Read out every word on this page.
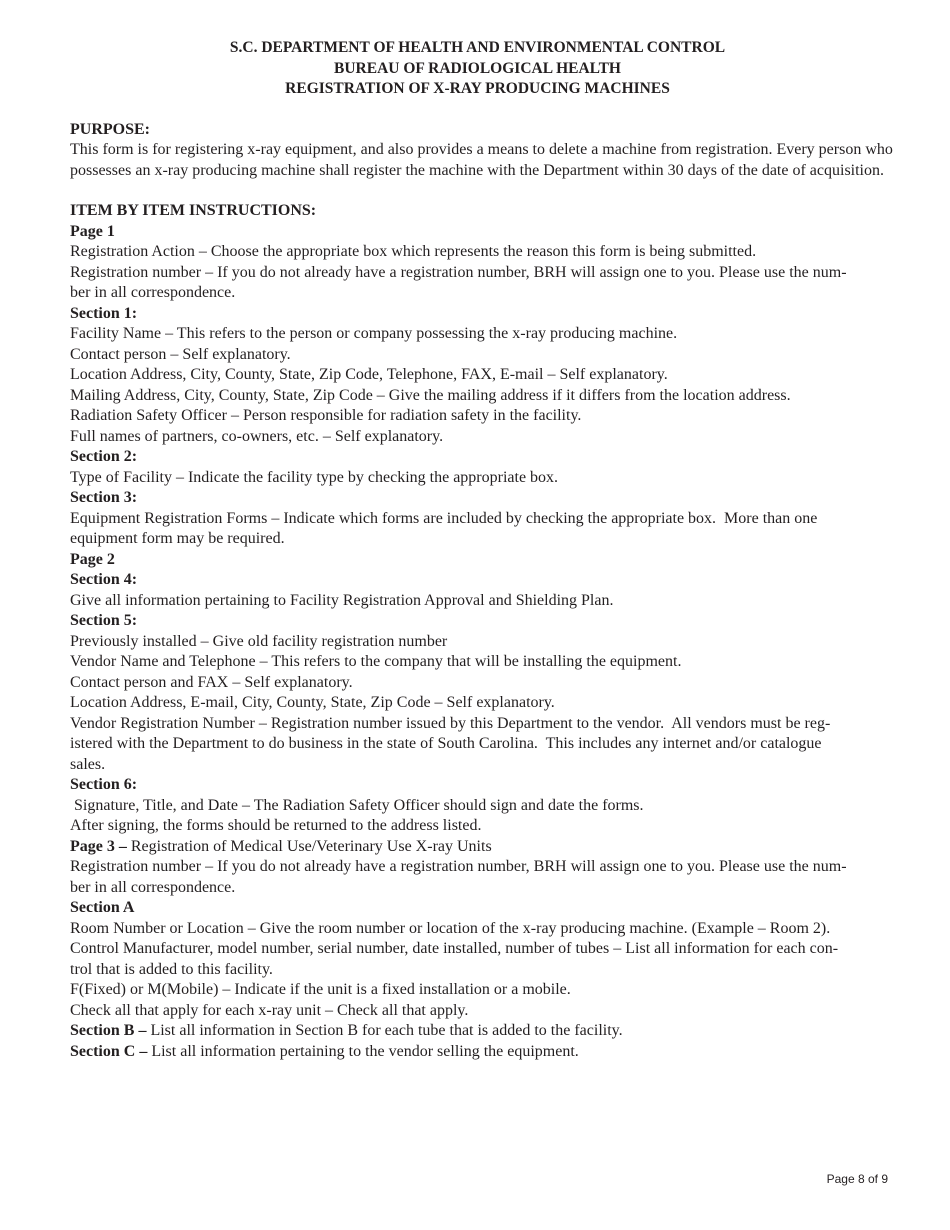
S.C. DEPARTMENT OF HEALTH AND ENVIRONMENTAL CONTROL
BUREAU OF RADIOLOGICAL HEALTH
REGISTRATION OF X-RAY PRODUCING MACHINES
PURPOSE:

This form is for registering x-ray equipment, and also provides a means to delete a machine from registration. Every person who possesses an x-ray producing machine shall register the machine with the Department within 30 days of the date of acquisition.

ITEM BY ITEM INSTRUCTIONS:
Page 1
Registration Action – Choose the appropriate box which represents the reason this form is being submitted.
Registration number – If you do not already have a registration number, BRH will assign one to you. Please use the num-
ber in all correspondence.
Section 1:
Facility Name – This refers to the person or company possessing the x-ray producing machine.
Contact person – Self explanatory.
Location Address, City, County, State, Zip Code, Telephone, FAX, E-mail – Self explanatory.
Mailing Address, City, County, State, Zip Code – Give the mailing address if it differs from the location address.
Radiation Safety Officer – Person responsible for radiation safety in the facility.
Full names of partners, co-owners, etc. – Self explanatory.
Section 2:
Type of Facility – Indicate the facility type by checking the appropriate box.
Section 3:
Equipment Registration Forms – Indicate which forms are included by checking the appropriate box.  More than one
equipment form may be required.
Page 2
Section 4:
Give all information pertaining to Facility Registration Approval and Shielding Plan.
Section 5:
Previously installed – Give old facility registration number
Vendor Name and Telephone – This refers to the company that will be installing the equipment.
Contact person and FAX – Self explanatory.
Location Address, E-mail, City, County, State, Zip Code – Self explanatory.
Vendor Registration Number – Registration number issued by this Department to the vendor.  All vendors must be reg-
istered with the Department to do business in the state of South Carolina.  This includes any internet and/or catalogue
sales.
Section 6:
Signature, Title, and Date – The Radiation Safety Officer should sign and date the forms.
After signing, the forms should be returned to the address listed.
Page 3 – Registration of Medical Use/Veterinary Use X-ray Units
Registration number – If you do not already have a registration number, BRH will assign one to you. Please use the num-
ber in all correspondence.
Section A
Room Number or Location – Give the room number or location of the x-ray producing machine. (Example – Room 2).
Control Manufacturer, model number, serial number, date installed, number of tubes – List all information for each con-
trol that is added to this facility.
F(Fixed) or M(Mobile) – Indicate if the unit is a fixed installation or a mobile.
Check all that apply for each x-ray unit – Check all that apply.
Section B – List all information in Section B for each tube that is added to the facility.
Section C – List all information pertaining to the vendor selling the equipment.
Page 8 of 9
